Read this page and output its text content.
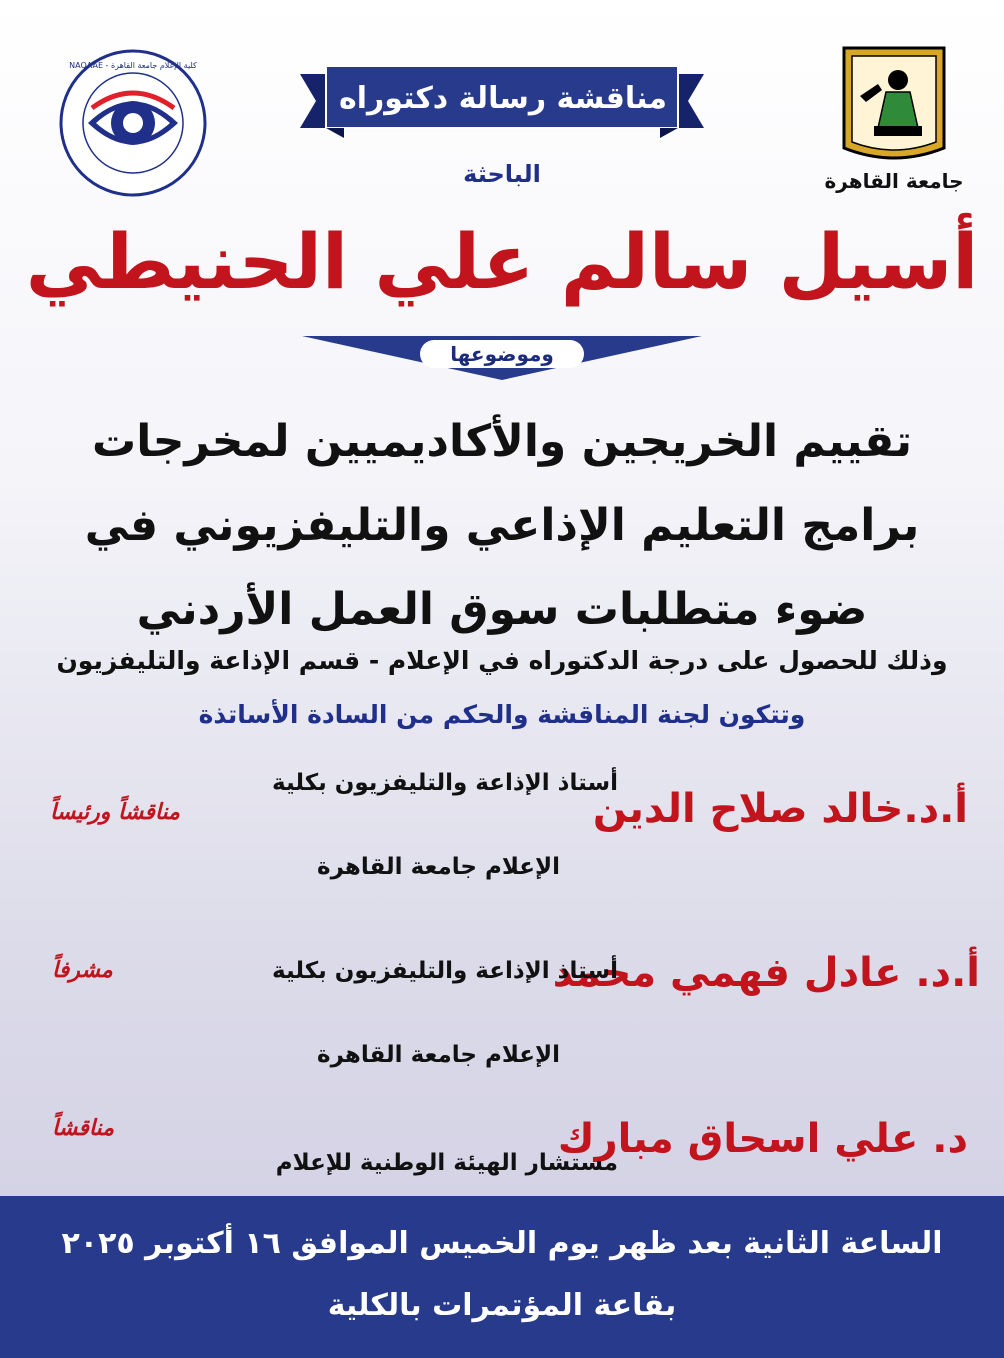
جامعة القاهرة
كلية الإعلام جامعة القاهرة - NAQAAE
مناقشة رسالة دكتوراه
الباحثة
أسيل سالم علي الحنيطي
وموضوعها
تقييم الخريجين والأكاديميين لمخرجات
برامج التعليم الإذاعي والتليفزيوني في
ضوء متطلبات سوق العمل الأردني
وذلك للحصول على درجة الدكتوراه في الإعلام - قسم الإذاعة والتليفزيون
وتتكون لجنة المناقشة والحكم من السادة الأساتذة
أ.د.خالد صلاح الدين
أستاذ الإذاعة والتليفزيون بكلية
الإعلام جامعة القاهرة
مناقشاً ورئيساً
أ.د. عادل فهمي محمد
أستاذ الإذاعة والتليفزيون بكلية
الإعلام جامعة القاهرة
مشرفاً
د. علي اسحاق مبارك
مستشار الهيئة الوطنية للإعلام
مناقشاً
الساعة الثانية بعد ظهر يوم الخميس الموافق ١٦ أكتوبر ٢٠٢٥
بقاعة المؤتمرات بالكلية
